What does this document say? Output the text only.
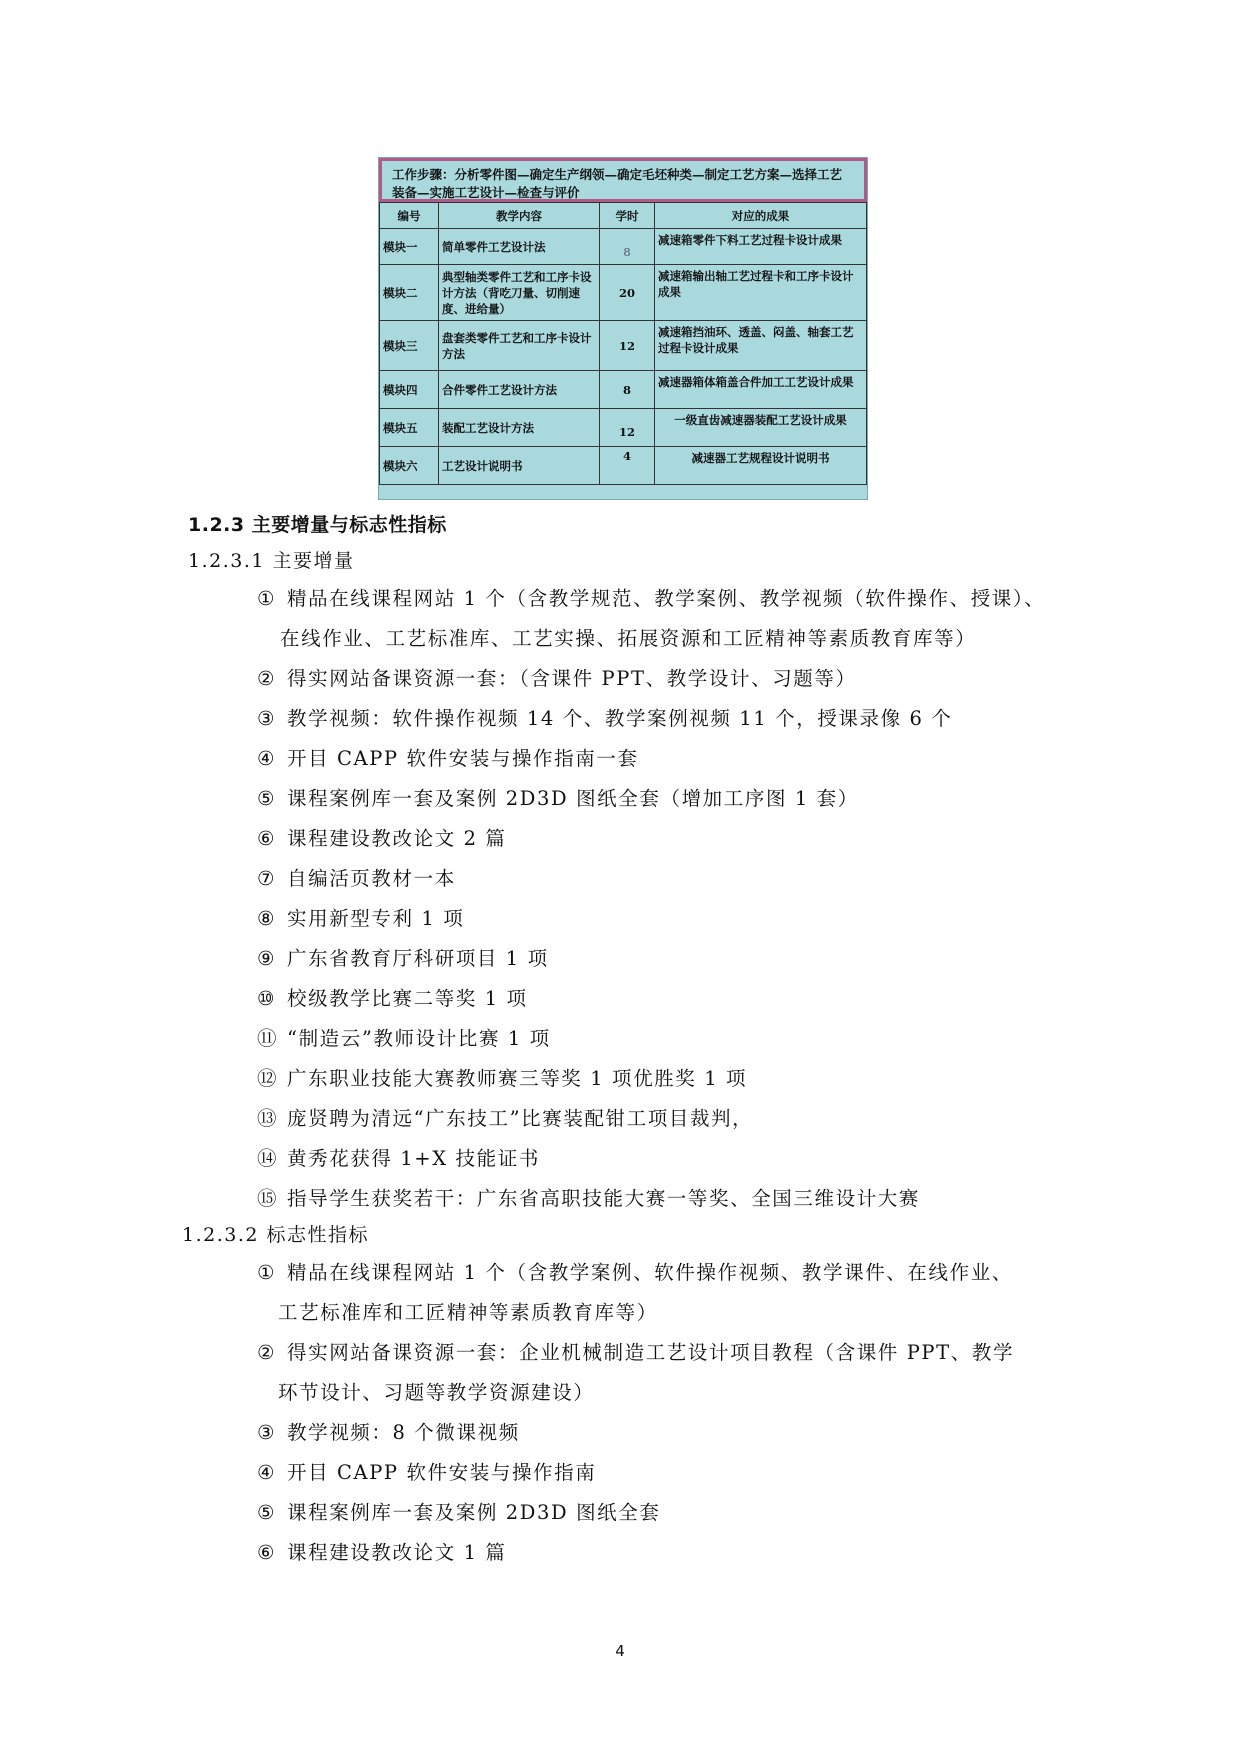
工作步骤：分析零件图—确定生产纲领—确定毛坯种类—制定工艺方案—选择工艺装备—实施工艺设计—检查与评价
编号	教学内容	学时	对应的成果
模块一	简单零件工艺设计法	8	减速箱零件下料工艺过程卡设计成果
模块二	典型轴类零件工艺和工序卡设计方法（背吃刀量、切削速度、进给量）	20	减速箱输出轴工艺过程卡和工序卡设计成果
模块三	盘套类零件工艺和工序卡设计方法	12	减速箱挡油环、透盖、闷盖、轴套工艺过程卡设计成果
模块四	合件零件工艺设计方法	8	减速器箱体箱盖合件加工工艺设计成果
模块五	装配工艺设计方法	12	一级直齿减速器装配工艺设计成果
模块六	工艺设计说明书	4	减速器工艺规程设计说明书
1.2.3 主要增量与标志性指标
1.2.3.1 主要增量
① 精品在线课程网站 1 个（含教学规范、教学案例、教学视频（软件操作、授课）、
在线作业、工艺标准库、工艺实操、拓展资源和工匠精神等素质教育库等）
② 得实网站备课资源一套：（含课件 PPT、教学设计、习题等）
③ 教学视频：软件操作视频 14 个、教学案例视频 11 个，授课录像 6 个
④ 开目 CAPP 软件安装与操作指南一套
⑤ 课程案例库一套及案例 2D3D 图纸全套（增加工序图 1 套）
⑥ 课程建设教改论文 2 篇
⑦ 自编活页教材一本
⑧ 实用新型专利 1 项
⑨ 广东省教育厅科研项目 1 项
⑩ 校级教学比赛二等奖 1 项
⑪ “制造云”教师设计比赛 1 项
⑫ 广东职业技能大赛教师赛三等奖 1 项优胜奖 1 项
⑬ 庞贤聘为清远“广东技工”比赛装配钳工项目裁判，
⑭ 黄秀花获得 1+X 技能证书
⑮ 指导学生获奖若干：广东省高职技能大赛一等奖、全国三维设计大赛
1.2.3.2 标志性指标
① 精品在线课程网站 1 个（含教学案例、软件操作视频、教学课件、在线作业、
工艺标准库和工匠精神等素质教育库等）
② 得实网站备课资源一套：企业机械制造工艺设计项目教程（含课件 PPT、教学
环节设计、习题等教学资源建设）
③ 教学视频：8 个微课视频
④ 开目 CAPP 软件安装与操作指南
⑤ 课程案例库一套及案例 2D3D 图纸全套
⑥ 课程建设教改论文 1 篇
4
